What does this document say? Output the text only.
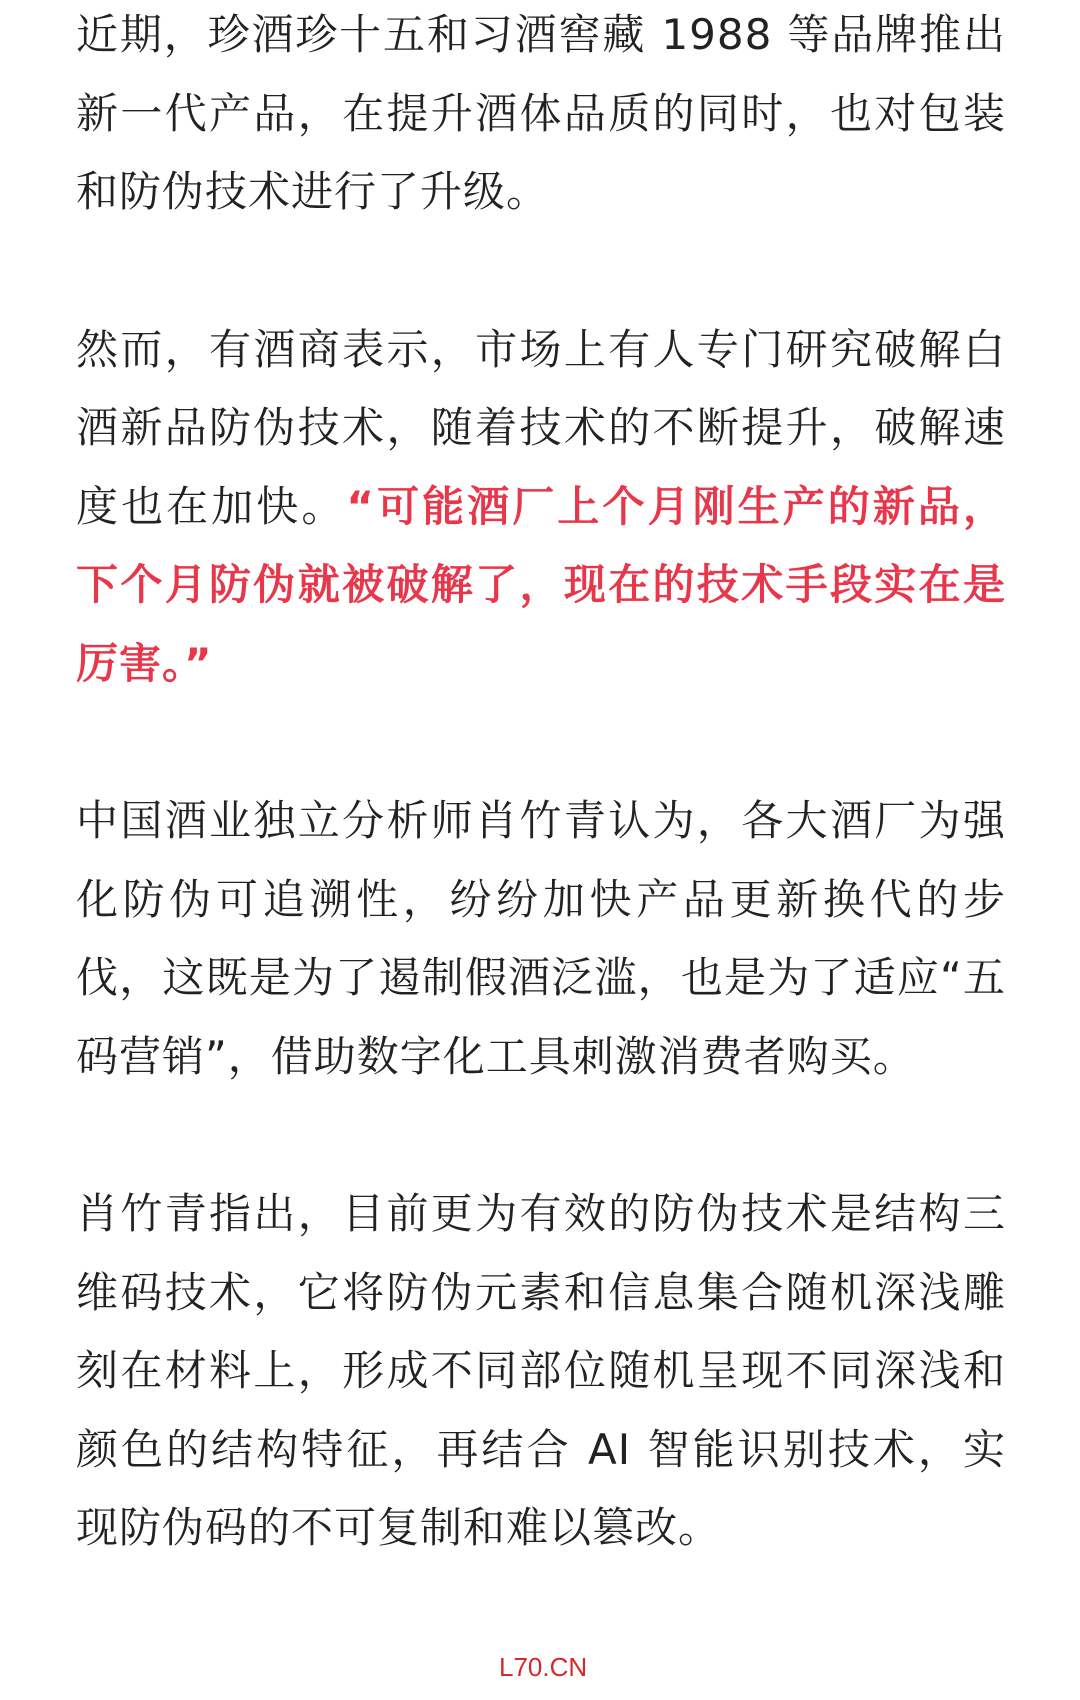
近期，珍酒珍十五和习酒窖藏 1988 等品牌推出新一代产品，在提升酒体品质的同时，也对包装和防伪技术进行了升级。

然而，有酒商表示，市场上有人专门研究破解白酒新品防伪技术，随着技术的不断提升，破解速度也在加快。“可能酒厂上个月刚生产的新品，下个月防伪就被破解了，现在的技术手段实在是厉害。”

中国酒业独立分析师肖竹青认为，各大酒厂为强化防伪可追溯性，纷纷加快产品更新换代的步伐，这既是为了遏制假酒泛滥，也是为了适应“五码营销”，借助数字化工具刺激消费者购买。

肖竹青指出，目前更为有效的防伪技术是结构三维码技术，它将防伪元素和信息集合随机深浅雕刻在材料上，形成不同部位随机呈现不同深浅和颜色的结构特征，再结合 AI 智能识别技术，实现防伪码的不可复制和难以篡改。

L70.CN
